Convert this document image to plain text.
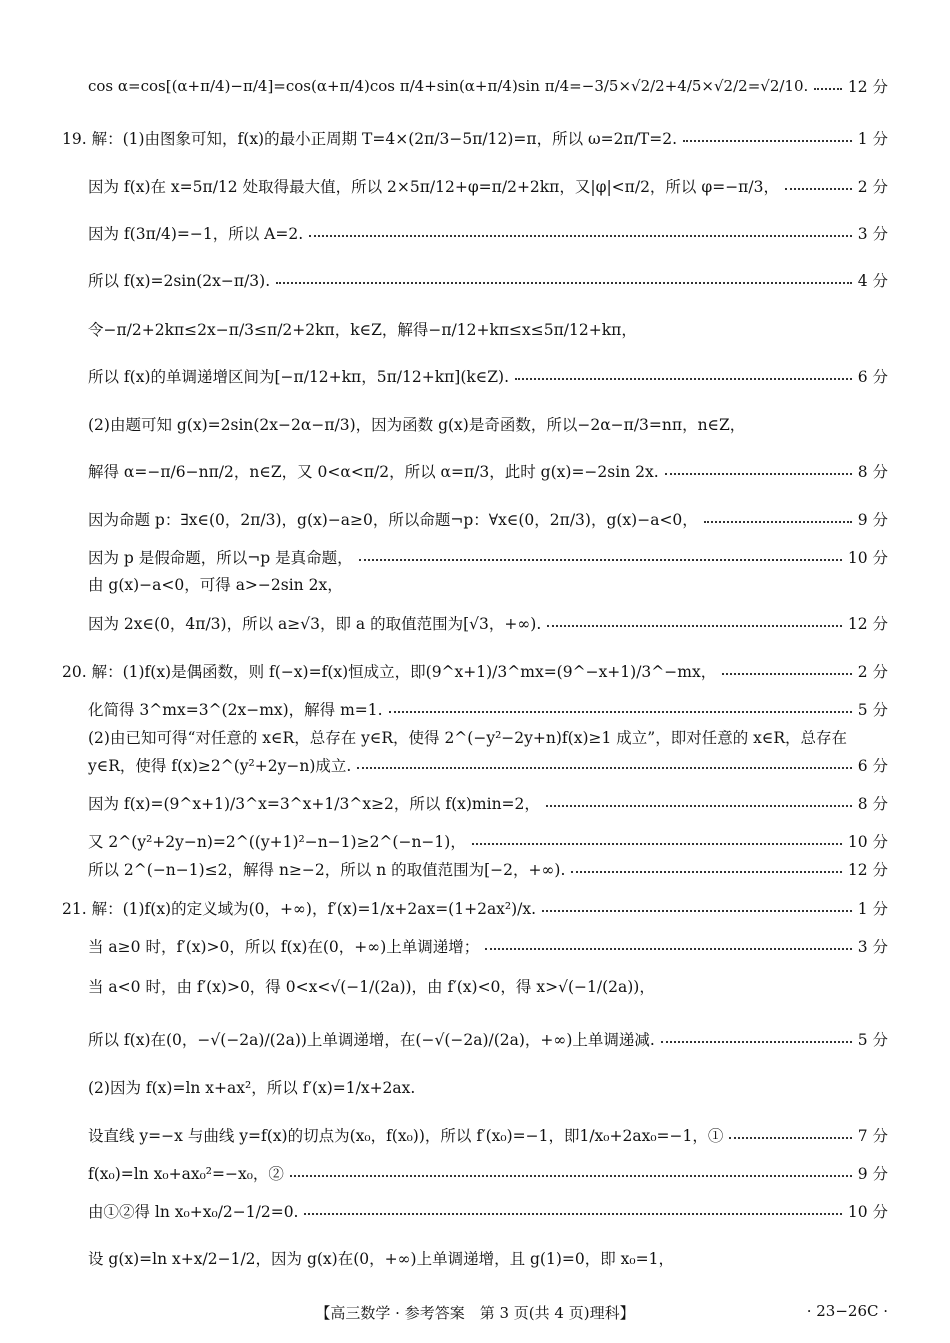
cos α=cos[(α+π/4)−π/4]=cos(α+π/4)cos π/4+sin(α+π/4)sin π/4=−3/5×√2/2+4/5×√2/2=√2/10.	12 分
19. 解：(1)由图象可知，f(x)的最小正周期 T=4×(2π/3−5π/12)=π，所以 ω=2π/T=2.	1 分
因为 f(x)在 x=5π/12 处取得最大值，所以 2×5π/12+φ=π/2+2kπ，又|φ|<π/2，所以 φ=−π/3，	2 分
因为 f(3π/4)=−1，所以 A=2.	3 分
所以 f(x)=2sin(2x−π/3).	4 分
令−π/2+2kπ≤2x−π/3≤π/2+2kπ，k∈Z，解得−π/12+kπ≤x≤5π/12+kπ，
所以 f(x)的单调递增区间为[−π/12+kπ，5π/12+kπ](k∈Z).	6 分
(2)由题可知 g(x)=2sin(2x−2α−π/3)，因为函数 g(x)是奇函数，所以−2α−π/3=nπ，n∈Z，
解得 α=−π/6−nπ/2，n∈Z，又 0<α<π/2，所以 α=π/3，此时 g(x)=−2sin 2x.	8 分
因为命题 p：∃x∈(0，2π/3)，g(x)−a≥0，所以命题¬p：∀x∈(0，2π/3)，g(x)−a<0，	9 分
因为 p 是假命题，所以¬p 是真命题，	10 分
由 g(x)−a<0，可得 a>−2sin 2x，
因为 2x∈(0，4π/3)，所以 a≥√3，即 a 的取值范围为[√3，+∞).	12 分
20. 解：(1)f(x)是偶函数，则 f(−x)=f(x)恒成立，即(9^x+1)/3^mx=(9^−x+1)/3^−mx，	2 分
化简得 3^mx=3^(2x−mx)，解得 m=1.	5 分
(2)由已知可得“对任意的 x∈R，总存在 y∈R，使得 2^(−y²−2y+n)f(x)≥1 成立”，即对任意的 x∈R，总存在
y∈R，使得 f(x)≥2^(y²+2y−n)成立.	6 分
因为 f(x)=(9^x+1)/3^x=3^x+1/3^x≥2，所以 f(x)min=2，	8 分
又 2^(y²+2y−n)=2^((y+1)²−n−1)≥2^(−n−1)，	10 分
所以 2^(−n−1)≤2，解得 n≥−2，所以 n 的取值范围为[−2，+∞).	12 分
21. 解：(1)f(x)的定义域为(0，+∞)，f′(x)=1/x+2ax=(1+2ax²)/x.	1 分
当 a≥0 时，f′(x)>0，所以 f(x)在(0，+∞)上单调递增；	3 分
当 a<0 时，由 f′(x)>0，得 0<x<√(−1/(2a))，由 f′(x)<0，得 x>√(−1/(2a))，
所以 f(x)在(0，−√(−2a)/(2a))上单调递增，在(−√(−2a)/(2a)，+∞)上单调递减.	5 分
(2)因为 f(x)=ln x+ax²，所以 f′(x)=1/x+2ax.
设直线 y=−x 与曲线 y=f(x)的切点为(x₀，f(x₀))，所以 f′(x₀)=−1，即1/x₀+2ax₀=−1，①	7 分
f(x₀)=ln x₀+ax₀²=−x₀，②	9 分
由①②得 ln x₀+x₀/2−1/2=0.	10 分
设 g(x)=ln x+x/2−1/2，因为 g(x)在(0，+∞)上单调递增，且 g(1)=0，即 x₀=1，
【高三数学 · 参考答案　第 3 页(共 4 页)理科】	· 23−26C ·
